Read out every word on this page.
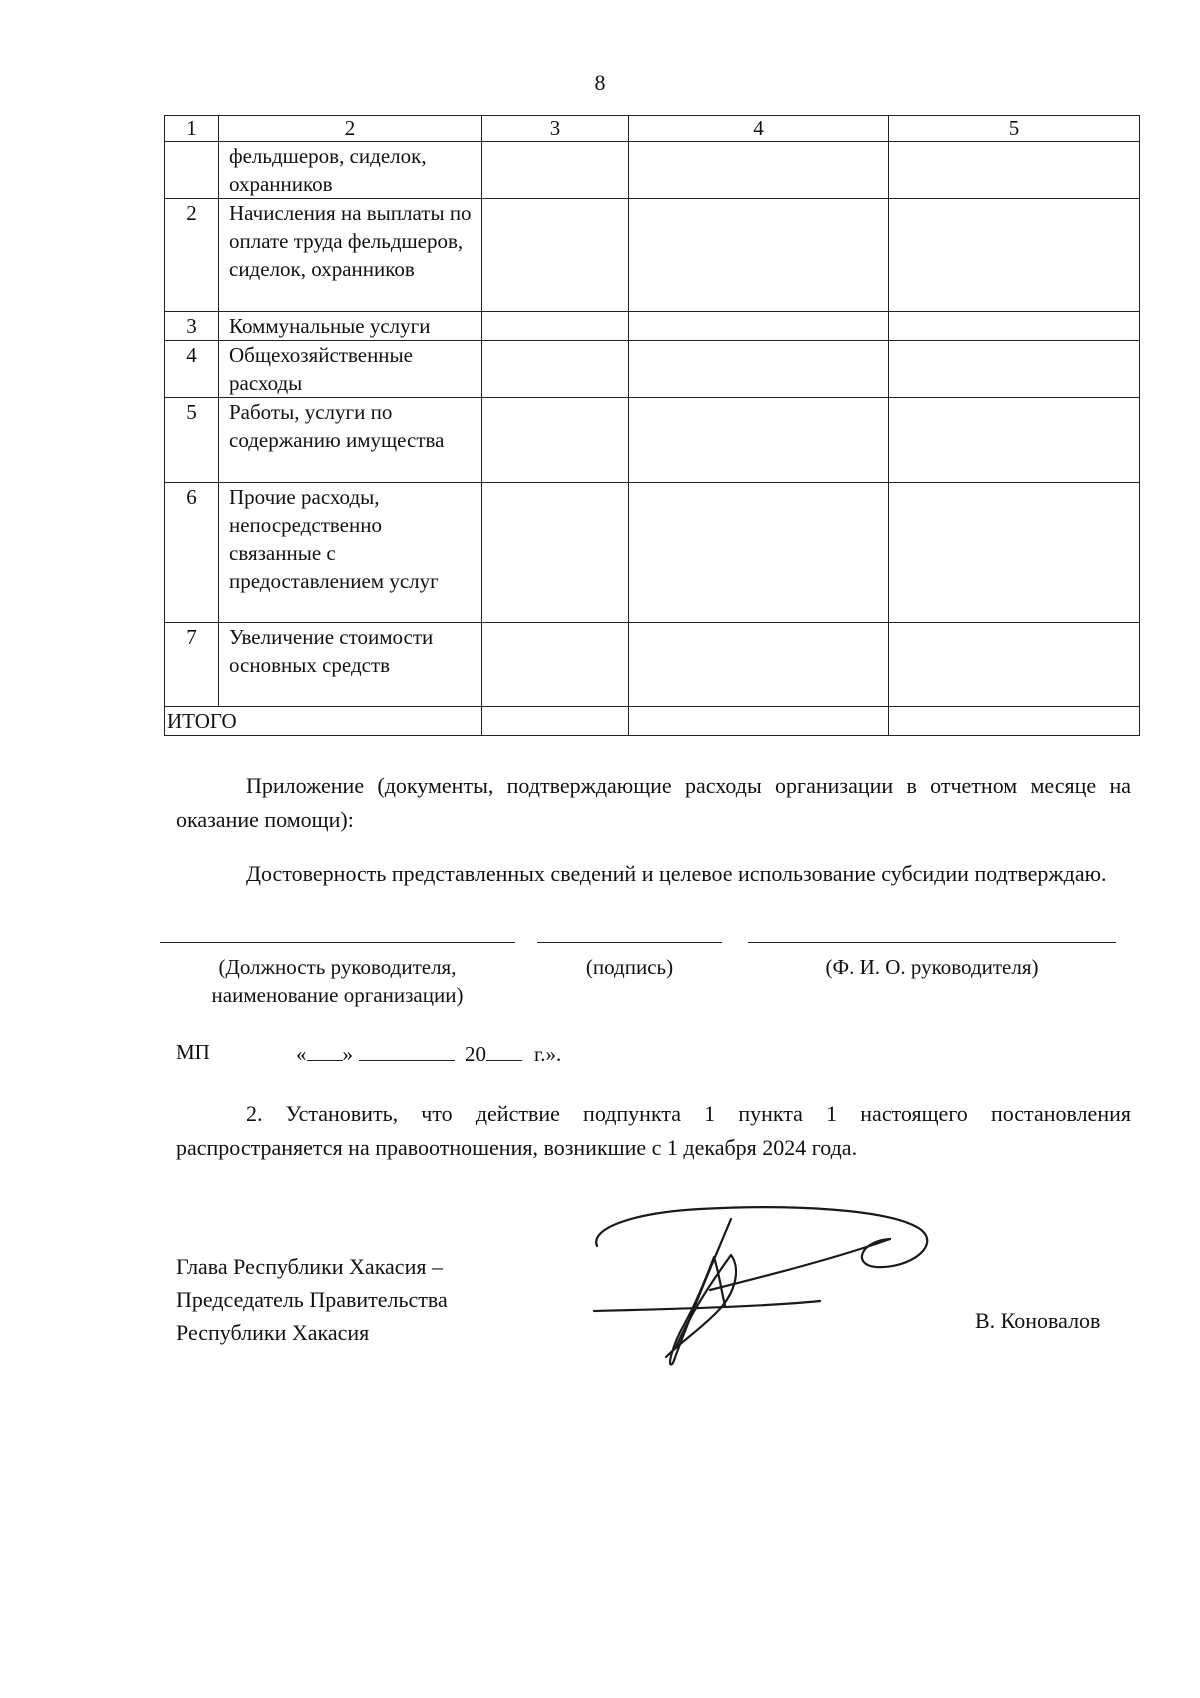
8
1	2	3	4	5
	фельдшеров, сиделок, охранников			
2	Начисления на выплаты по оплате труда фельдшеров, сиделок, охранников			
3	Коммунальные услуги			
4	Общехозяйственные расходы			
5	Работы, услуги по содержанию имущества			
6	Прочие расходы, непосредственно связанные с предоставлением услуг			
7	Увеличение стоимости основных средств			
ИТОГО				
Приложение (документы, подтверждающие расходы организации в отчетном месяце на оказание помощи):
Достоверность представленных сведений и целевое использование субсидии подтверждаю.
(Должность руководителя,
наименование организации)
(подпись)	(Ф. И. О. руководителя)
МП	« »	20 г.».
2. Установить, что действие подпункта 1 пункта 1 настоящего постановления распространяется на правоотношения, возникшие с 1 декабря 2024 года.
Глава Республики Хакасия –
Председатель Правительства
Республики Хакасия	В. Коновалов
